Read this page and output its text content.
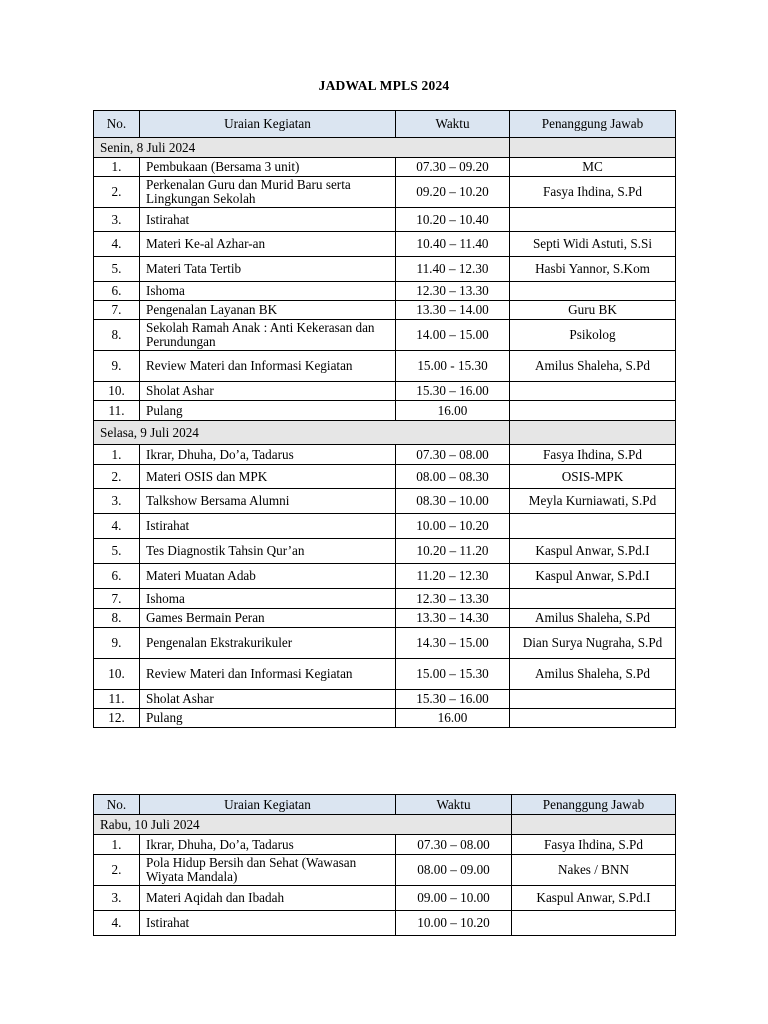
JADWAL MPLS 2024
No.	Uraian Kegiatan	Waktu	Penanggung Jawab
Senin, 8 Juli 2024			
1.	Pembukaan (Bersama 3 unit)	07.30 – 09.20	MC
2.	Perkenalan Guru dan Murid Baru serta Lingkungan Sekolah	09.20 – 10.20	Fasya Ihdina, S.Pd
3.	Istirahat	10.20 – 10.40	
4.	Materi Ke-al Azhar-an	10.40 – 11.40	Septi Widi Astuti, S.Si
5.	Materi Tata Tertib	11.40 – 12.30	Hasbi Yannor, S.Kom
6.	Ishoma	12.30 – 13.30	
7.	Pengenalan Layanan BK	13.30 – 14.00	Guru BK
8.	Sekolah Ramah Anak : Anti Kekerasan dan Perundungan	14.00 – 15.00	Psikolog
9.	Review Materi dan Informasi Kegiatan	15.00 - 15.30	Amilus Shaleha, S.Pd
10.	Sholat Ashar	15.30 – 16.00	
11.	Pulang	16.00	
Selasa, 9 Juli 2024			
1.	Ikrar, Dhuha, Do’a, Tadarus	07.30 – 08.00	Fasya Ihdina, S.Pd
2.	Materi OSIS dan MPK	08.00 – 08.30	OSIS-MPK
3.	Talkshow Bersama Alumni	08.30 – 10.00	Meyla Kurniawati, S.Pd
4.	Istirahat	10.00 – 10.20	
5.	Tes Diagnostik Tahsin Qur’an	10.20 – 11.20	Kaspul Anwar, S.Pd.I
6.	Materi Muatan Adab	11.20 – 12.30	Kaspul Anwar, S.Pd.I
7.	Ishoma	12.30 – 13.30	
8.	Games Bermain Peran	13.30 – 14.30	Amilus Shaleha, S.Pd
9.	Pengenalan Ekstrakurikuler	14.30 – 15.00	Dian Surya Nugraha, S.Pd
10.	Review Materi dan Informasi Kegiatan	15.00 – 15.30	Amilus Shaleha, S.Pd
11.	Sholat Ashar	15.30 – 16.00	
12.	Pulang	16.00	
No.	Uraian Kegiatan	Waktu	Penanggung Jawab
Rabu, 10 Juli 2024			
1.	Ikrar, Dhuha, Do’a, Tadarus	07.30 – 08.00	Fasya Ihdina, S.Pd
2.	Pola Hidup Bersih dan Sehat (Wawasan Wiyata Mandala)	08.00 – 09.00	Nakes / BNN
3.	Materi Aqidah dan Ibadah	09.00 – 10.00	Kaspul Anwar, S.Pd.I
4.	Istirahat	10.00 – 10.20	
